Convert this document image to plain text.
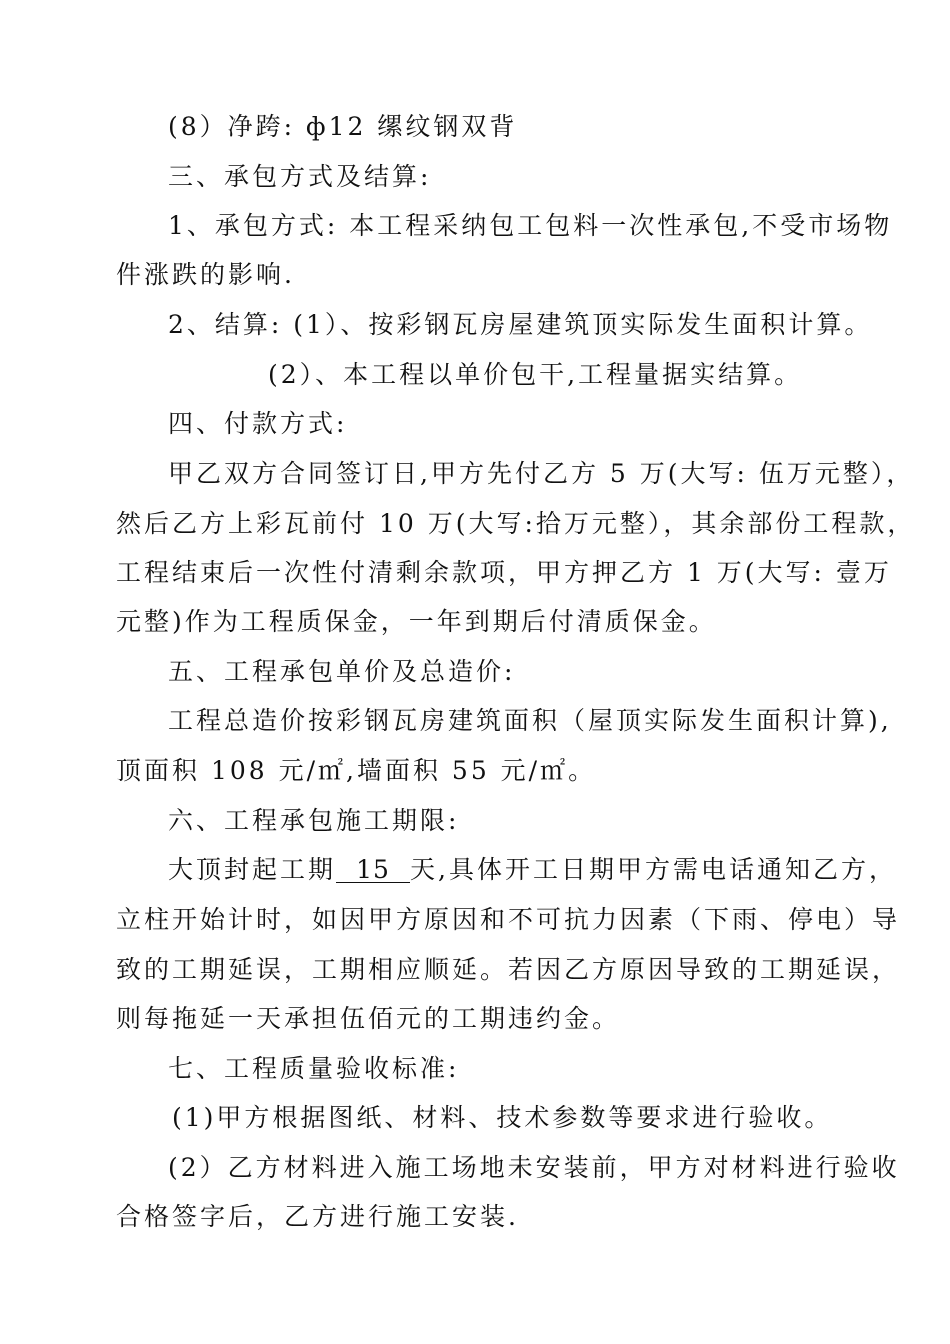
(8）净跨: ф12 缧纹钢双背
三、承包方式及结算:
1、承包方式: 本工程采纳包工包料一次性承包,不受市场物
件涨跌的影响.
2、结算: (1）、按彩钢瓦房屋建筑顶实际发生面积计算。
(2）、本工程以单价包干,工程量据实结算。
四、付款方式:
甲乙双方合同签订日,甲方先付乙方 5 万(大写: 伍万元整），
然后乙方上彩瓦前付 10 万(大写:拾万元整），其余部份工程款，
工程结束后一次性付清剩余款项，甲方押乙方 1 万(大写: 壹万
元整)作为工程质保金，一年到期后付清质保金。
五、工程承包单价及总造价:
工程总造价按彩钢瓦房建筑面积（屋顶实际发生面积计算),
顶面积 108 元/㎡,墙面积 55 元/㎡。
六、工程承包施工期限:
大顶封起工期 15 天,具体开工日期甲方需电话通知乙方，
立柱开始计时，如因甲方原因和不可抗力因素（下雨、停电）导
致的工期延误，工期相应顺延。若因乙方原因导致的工期延误，
则每拖延一天承担伍佰元的工期违约金。
七、工程质量验收标准:
(1)甲方根据图纸、材料、技术参数等要求进行验收。
(2）乙方材料进入施工场地未安装前，甲方对材料进行验收
合格签字后，乙方进行施工安装.
